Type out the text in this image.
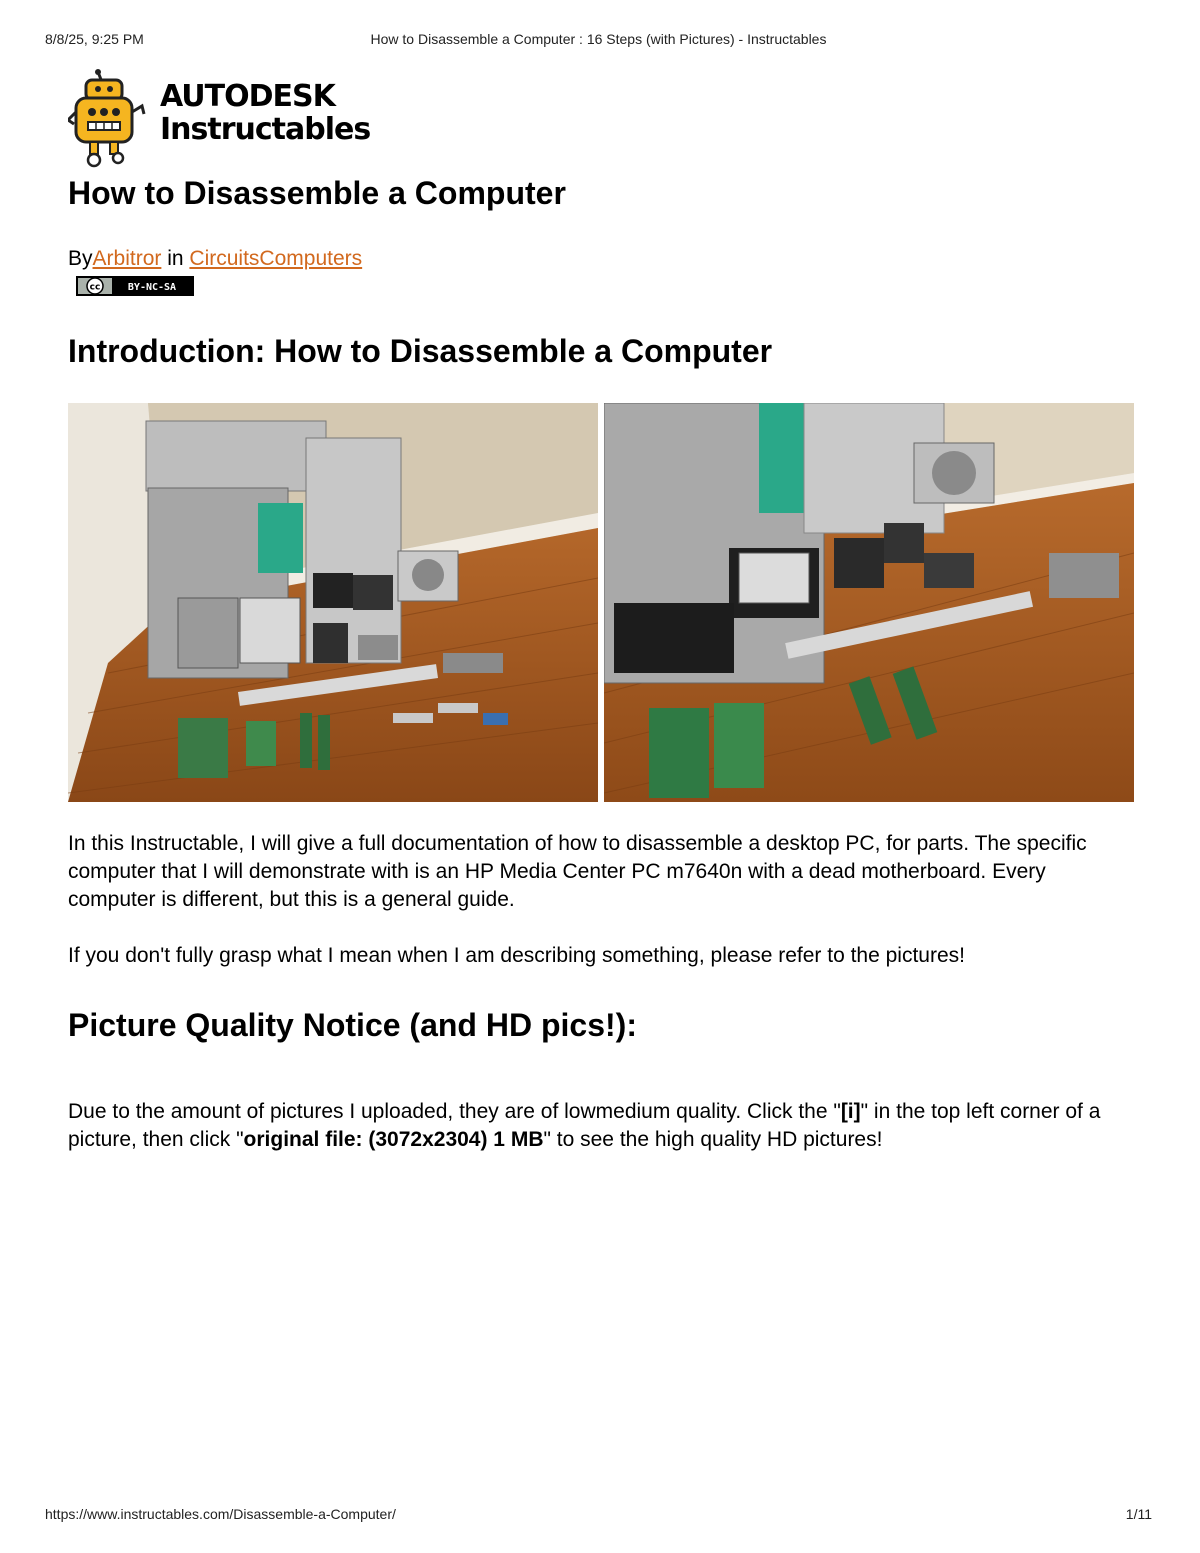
8/8/25, 9:25 PM	How to Disassemble a Computer : 16 Steps (with Pictures) - Instructables
AUTODESK
Instructables
How to Disassemble a Computer
ByArbitror in CircuitsComputers
cc	BY-NC-SA
Introduction: How to Disassemble a Computer

In this Instructable, I will give a full documentation of how to disassemble a desktop PC, for parts. The specific computer that I will demonstrate with is an HP Media Center PC m7640n with a dead motherboard. Every computer is different, but this is a general guide.

If you don't fully grasp what I mean when I am describing something, please refer to the pictures!

Picture Quality Notice (and HD pics!):

Due to the amount of pictures I uploaded, they are of lowmedium quality. Click the "[i]" in the top left corner of a picture, then click "original file: (3072x2304) 1 MB" to see the high quality HD pictures!

https://www.instructables.com/Disassemble-a-Computer/	1/11
